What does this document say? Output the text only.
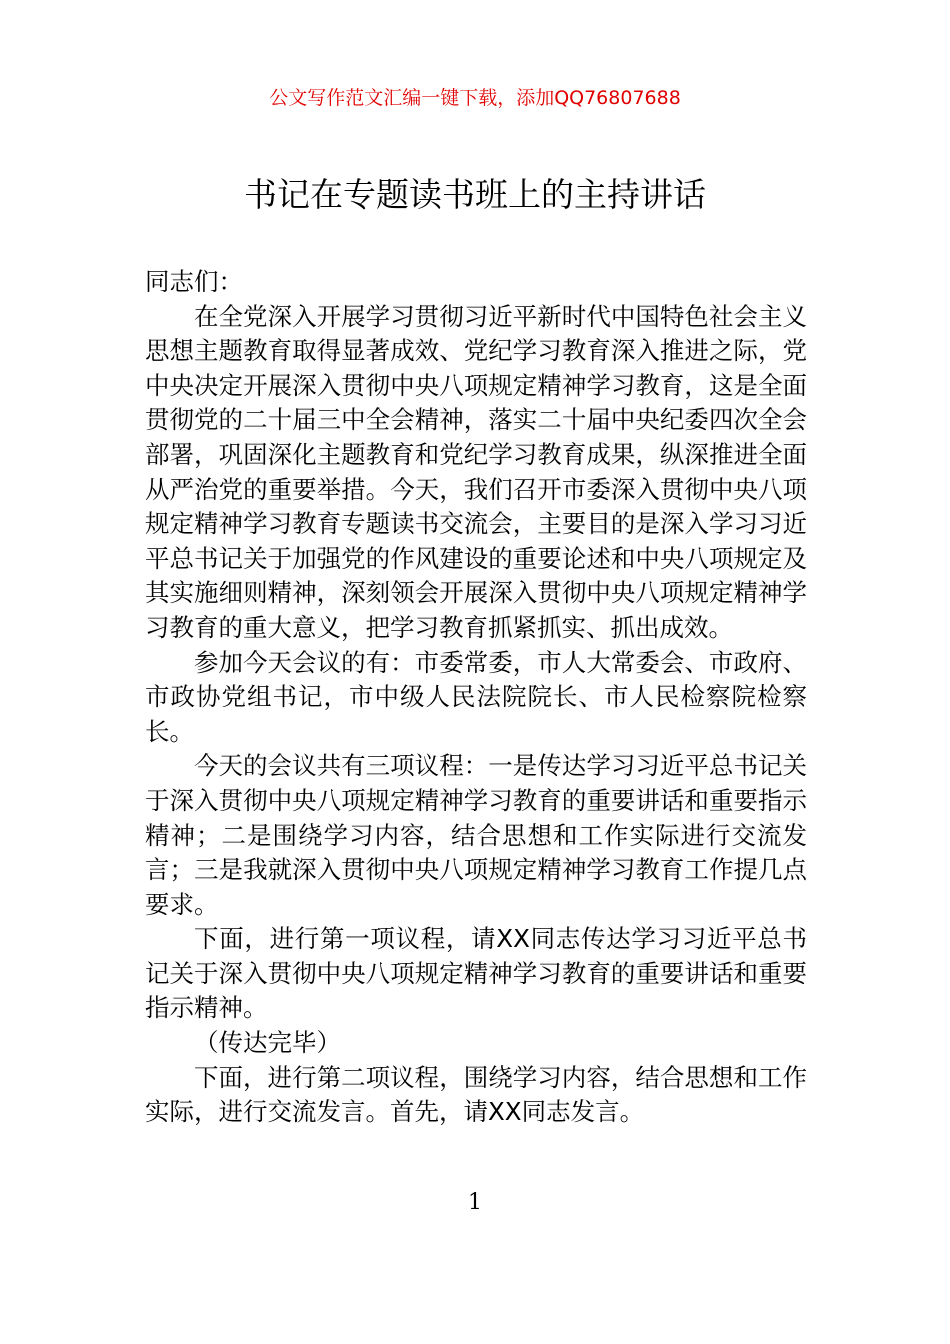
公文写作范文汇编一键下载，添加QQ76807688
书记在专题读书班上的主持讲话

同志们：

在全党深入开展学习贯彻习近平新时代中国特色社会主义思想主题教育取得显著成效、党纪学习教育深入推进之际，党中央决定开展深入贯彻中央八项规定精神学习教育，这是全面贯彻党的二十届三中全会精神，落实二十届中央纪委四次全会部署，巩固深化主题教育和党纪学习教育成果，纵深推进全面从严治党的重要举措。今天，我们召开市委深入贯彻中央八项规定精神学习教育专题读书交流会，主要目的是深入学习习近平总书记关于加强党的作风建设的重要论述和中央八项规定及其实施细则精神，深刻领会开展深入贯彻中央八项规定精神学习教育的重大意义，把学习教育抓紧抓实、抓出成效。

参加今天会议的有：市委常委，市人大常委会、市政府、市政协党组书记，市中级人民法院院长、市人民检察院检察长。

今天的会议共有三项议程：一是传达学习习近平总书记关于深入贯彻中央八项规定精神学习教育的重要讲话和重要指示精神；二是围绕学习内容，结合思想和工作实际进行交流发言；三是我就深入贯彻中央八项规定精神学习教育工作提几点要求。

下面，进行第一项议程，请XX同志传达学习习近平总书记关于深入贯彻中央八项规定精神学习教育的重要讲话和重要指示精神。

（传达完毕）

下面，进行第二项议程，围绕学习内容，结合思想和工作实际，进行交流发言。首先，请XX同志发言。

1
